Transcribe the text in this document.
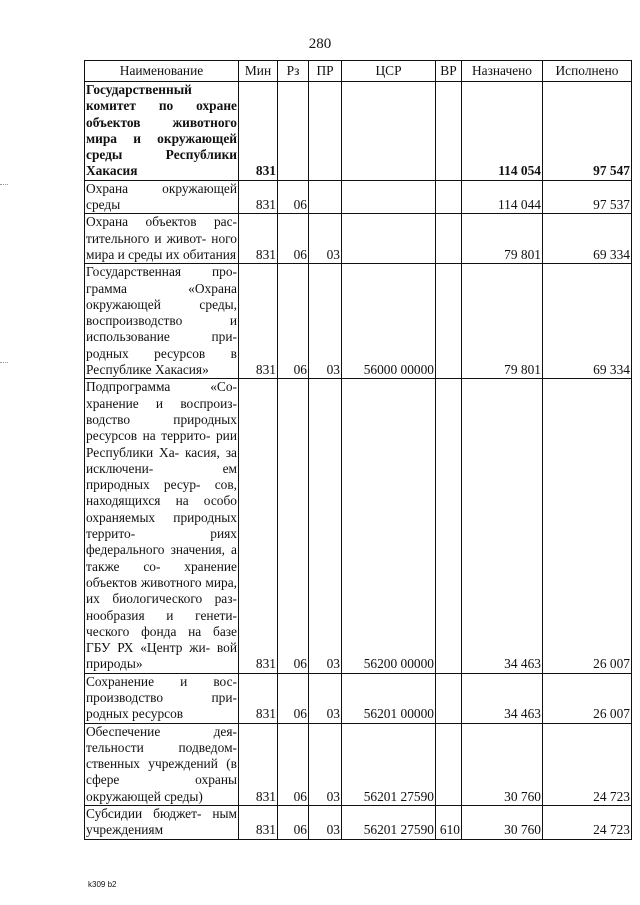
280
Наименование	Мин	Рз	ПР	ЦСР	ВР	Назначено	Исполнено
Государственный комитет по охране объектов животного мира и окружающей среды Республики Хакасия	831					114 054	97 547
Охрана окружающей среды	831	06				114 044	97 537
Охрана объектов рас- тительного и живот- ного мира и среды их обитания	831	06	03			79 801	69 334
Государственная про- грамма «Охрана окружающей среды, воспроизводство и использование при- родных ресурсов в Республике Хакасия»	831	06	03	56000 00000		79 801	69 334
Подпрограмма «Со- хранение и воспроиз- водство природных ресурсов на террито- рии Республики Ха- касия, за исключени- ем природных ресур- сов, находящихся на особо охраняемых природных террито- риях федерального значения, а также со- хранение объектов животного мира, их биологического раз- нообразия и генети- ческого фонда на базе ГБУ РХ «Центр жи- вой природы»	831	06	03	56200 00000		34 463	26 007
Сохранение и вос- производство при- родных ресурсов	831	06	03	56201 00000		34 463	26 007
Обеспечение дея- тельности подведом- ственных учреждений (в сфере охраны окружающей среды)	831	06	03	56201 27590		30 760	24 723
Субсидии бюджет- ным учреждениям	831	06	03	56201 27590	610	30 760	24 723
k309 b2
